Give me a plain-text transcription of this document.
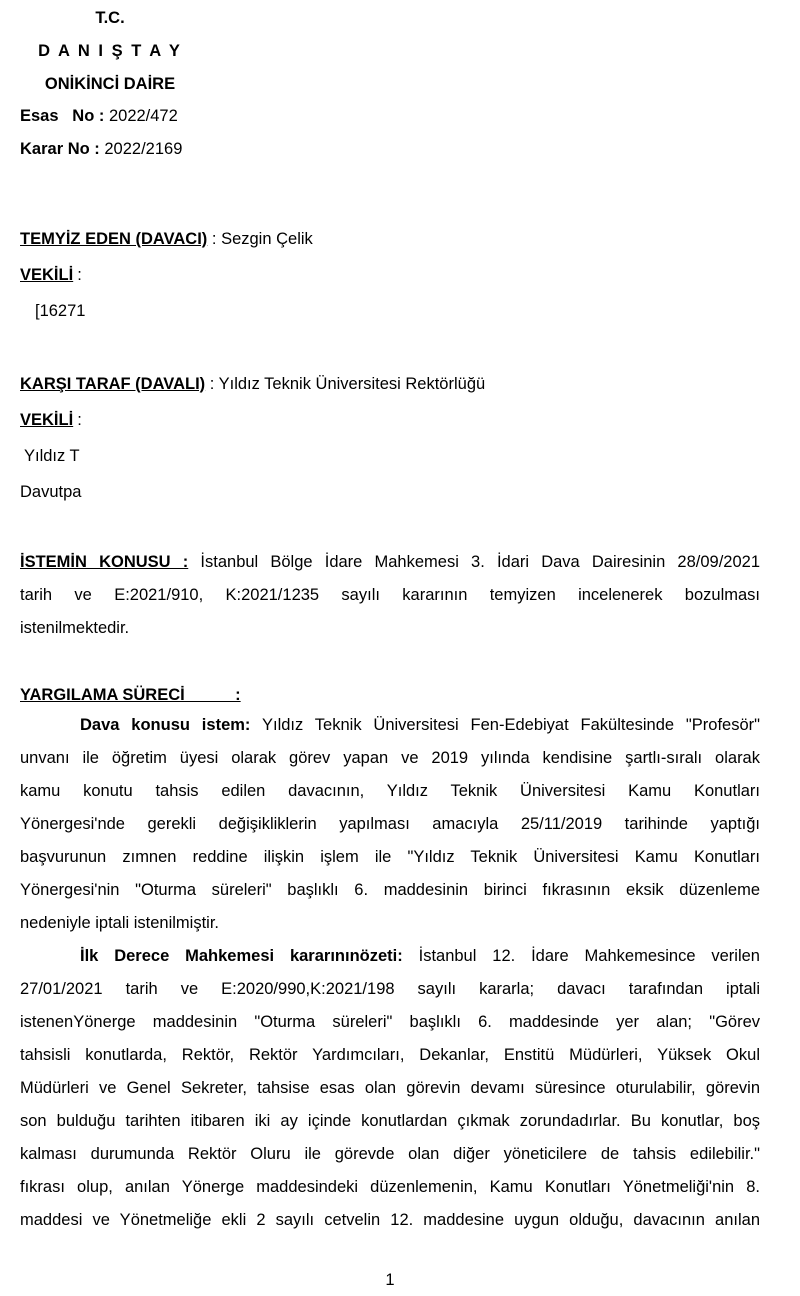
T.C.
D A N I Ş T A Y
ONİKİNCİ DAİRE
Esas   No : 2022/472
Karar No : 2022/2169
TEMYİZ EDEN (DAVACI) : Sezgin Çelik
VEKİLİ :
[16271
KARŞI TARAF (DAVALI) : Yıldız Teknik Üniversitesi Rektörlüğü
VEKİLİ :
Yıldız T
Davutpa
İSTEMİN KONUSU : İstanbul Bölge İdare Mahkemesi 3. İdari Dava Dairesinin 28/09/2021
tarih ve E:2021/910, K:2021/1235 sayılı kararının temyizen incelenerek bozulması
istenilmektedir.
YARGILAMA SÜRECİ           :
Dava konusu istem: Yıldız Teknik Üniversitesi Fen-Edebiyat Fakültesinde "Profesör"
unvanı ile öğretim üyesi olarak görev yapan ve 2019 yılında kendisine şartlı-sıralı olarak
kamu konutu tahsis edilen davacının, Yıldız Teknik Üniversitesi Kamu Konutları
Yönergesi'nde gerekli değişikliklerin yapılması amacıyla 25/11/2019 tarihinde yaptığı
başvurunun zımnen reddine ilişkin işlem ile "Yıldız Teknik Üniversitesi Kamu Konutları
Yönergesi'nin "Oturma süreleri" başlıklı 6. maddesinin birinci fıkrasının eksik düzenleme
nedeniyle iptali istenilmiştir.
İlk Derece Mahkemesi kararınınözeti: İstanbul 12. İdare Mahkemesince verilen
27/01/2021 tarih ve E:2020/990,K:2021/198 sayılı kararla; davacı tarafından iptali
istenenYönerge maddesinin "Oturma süreleri" başlıklı 6. maddesinde yer alan; "Görev
tahsisli konutlarda, Rektör, Rektör Yardımcıları, Dekanlar, Enstitü Müdürleri, Yüksek Okul
Müdürleri ve Genel Sekreter, tahsise esas olan görevin devamı süresince oturulabilir, görevin
son bulduğu tarihten itibaren iki ay içinde konutlardan çıkmak zorundadırlar. Bu konutlar, boş
kalması durumunda Rektör Oluru ile görevde olan diğer yöneticilere de tahsis edilebilir."
fıkrası olup, anılan Yönerge maddesindeki düzenlemenin, Kamu Konutları Yönetmeliği'nin 8.
maddesi ve Yönetmeliğe ekli 2 sayılı cetvelin 12. maddesine uygun olduğu, davacının anılan
1
